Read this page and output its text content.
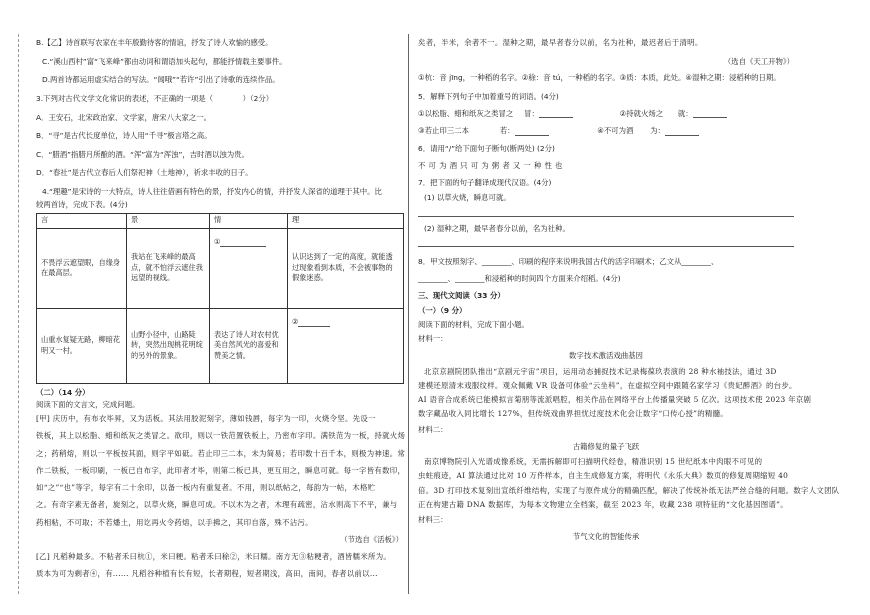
B.【乙】诗首联写农家在丰年殷勤待客的情谊，抒发了诗人欢愉的感受。

C.“溪山西村”富“飞来峰”都由动词和谓语加头起句，都能抒情载主要事件。

D.两首诗都运用虚实结合的写法。“闻哦”“若许”引出了诗歌的连续作品。

3.下列对古代文学文化常识的表述，不正确的一项是（　　　　）（2分）

A．王安石，北宋政治家、文学家，唐宋八大家之一。

B．“寻”是古代长度单位，诗人用“千寻”极言塔之高。

C．“腊酒”指腊月所酿的酒。“浑”富为“浑浊”，吉时酒以浊为贵。

D．“春社”是古代立春后人们祭祀神（土地神），祈求丰收的日子。

4.“理趣”是宋诗的一大特点，诗人往往借画有特色的景，抒发内心的情，并抒发人深省的道理于其中。比

较两首诗，完成下表。(4分)

言	景	情	理
不畏浮云遮望眼，自缘身在最高层。	我站在飞来峰的最高点，就不怕浮云遮住我远望的视线。	①	认识达到了一定的高度，就能透过现象看到本质，不会被事物的假象迷惑。
山重水复疑无路，柳暗花明又一村。	山野小径中，山路陡转，突然出现桃花明绽的另外的景象。	表达了诗人对农村优美自然风光的喜爱和赞美之情。	②

（二）（14 分）

阅读下面的文言文，完成问题。

[甲] 庆历中，有布衣毕昇，又为活板。其法用胶泥刻字，薄如钱唇，每字为一印，火烧令坚。先设一

铁板，其上以松脂、蜡和纸灰之类冒之。欲印，则以一铁范置铁板上，乃密布字印。满铁范为一板，持就火炀

之；药稍熔，则以一平板按其面，则字平如砥。若止印三二本，未为简易；若印数十百千本，则极为神速。常

作二铁板，一板印刷，一板已自布字，此印者才毕，则第二板已具，更互用之，瞬息可就。每一字皆有数印，

如“之”“也”等字，每字有二十余印，以备一板内有重复者。不用，则以纸帖之，每韵为一帖，木格贮

之。有奇字素无备者，旋刻之，以草火烧，瞬息可成。不以木为之者，木理有疏密，沾水则高下不平，兼与

药相粘，不可取；不若燔土，用讫再火令药熔，以手拂之，其印自落，殊不沾污。

（节选自《活板》）

[乙] 凡稻种最多。不粘者禾曰杭①，米曰粳。粘者禾曰稌②，米曰糯。南方无③粘粳者，酒皆糯米所为。

质本为可为剩者④，有...... 凡稻谷种植有长有短，长者期程，短者期浅，高田，南间，春者以前以...

矣者，半米，余者不一。湿种之期，最早者春分以前，名为社种，最迟者后于清明。

（选自《天工开物》）

①杭：音 jīng，一种稻的名字。②稌：音 tú，一种稻的名字。③质：本质，此处。④湿种之期：浸稻种的日期。

5．解释下列句子中加着重号的词语。(4分)

①以松脂、蜡和纸灰之类冒之 冒：	②持就火炀之 就：

③若止印三二本	若：	④不可为酒 为：

6．请用“/”给下面句子断句(断两处) (2分)

不 可 为 酒 只 可 为 粥 者 又 一 种 性 也

7．把下面的句子翻译成现代汉语。(4分)

(1) 以草火烧，瞬息可就。

(2) 湿种之期，最早者春分以前，名为社种。

8．甲文按照刻字、________、印刷的程序来说明我国古代的活字印刷术；乙文从________、

________、________和浸稻种的时间四个方面来介绍稻。(4分)

三、现代文阅读（33 分）

（一）（9 分）

阅读下面的材料，完成下面小题。

材料一：

数字技术激活戏曲基因

北京京剧院团队推出“京剧元宇宙”项目，运用动态捕捉技术记录梅葆玖表演的 28 种水袖技法，通过 3D

建模还原清末戏服纹样。观众佩戴 VR 设备可体验“云坐科”，在虚拟空间中跟随名家学习《贵妃醉酒》的台步。

AI 语音合成系统已能模拟言菊朋等流派唱腔，相关作品在网络平台上传播量突破 5 亿次。这项技术使 2023 年京剧

数字藏品收入同比增长 127%，但传统戏曲界担忧过度技术化会让数字“口传心授”的精髓。

材料二：

古籍修复的量子飞跃

南京博物院引入光谱成像系统，无需拆解即可扫描明代经卷，精准识别 15 世纪纸本中肉眼不可见的

虫蛀痕迹，AI 算法通过比对 10 万件样本，自主生成修复方案，将明代《永乐大典》数页的修复周期缩短 40

倍。3D 打印技术复刻出宣纸纤维结构，实现了与原件成分的精确匹配，解决了传统补纸无法严丝合缝的问题。数字人文团队

正在构建古籍 DNA 数据库，为每本文物建立全档案，截至 2023 年，收藏 238 项特征的“文化基因图谱”。

材料三：

节气文化的智能传承
